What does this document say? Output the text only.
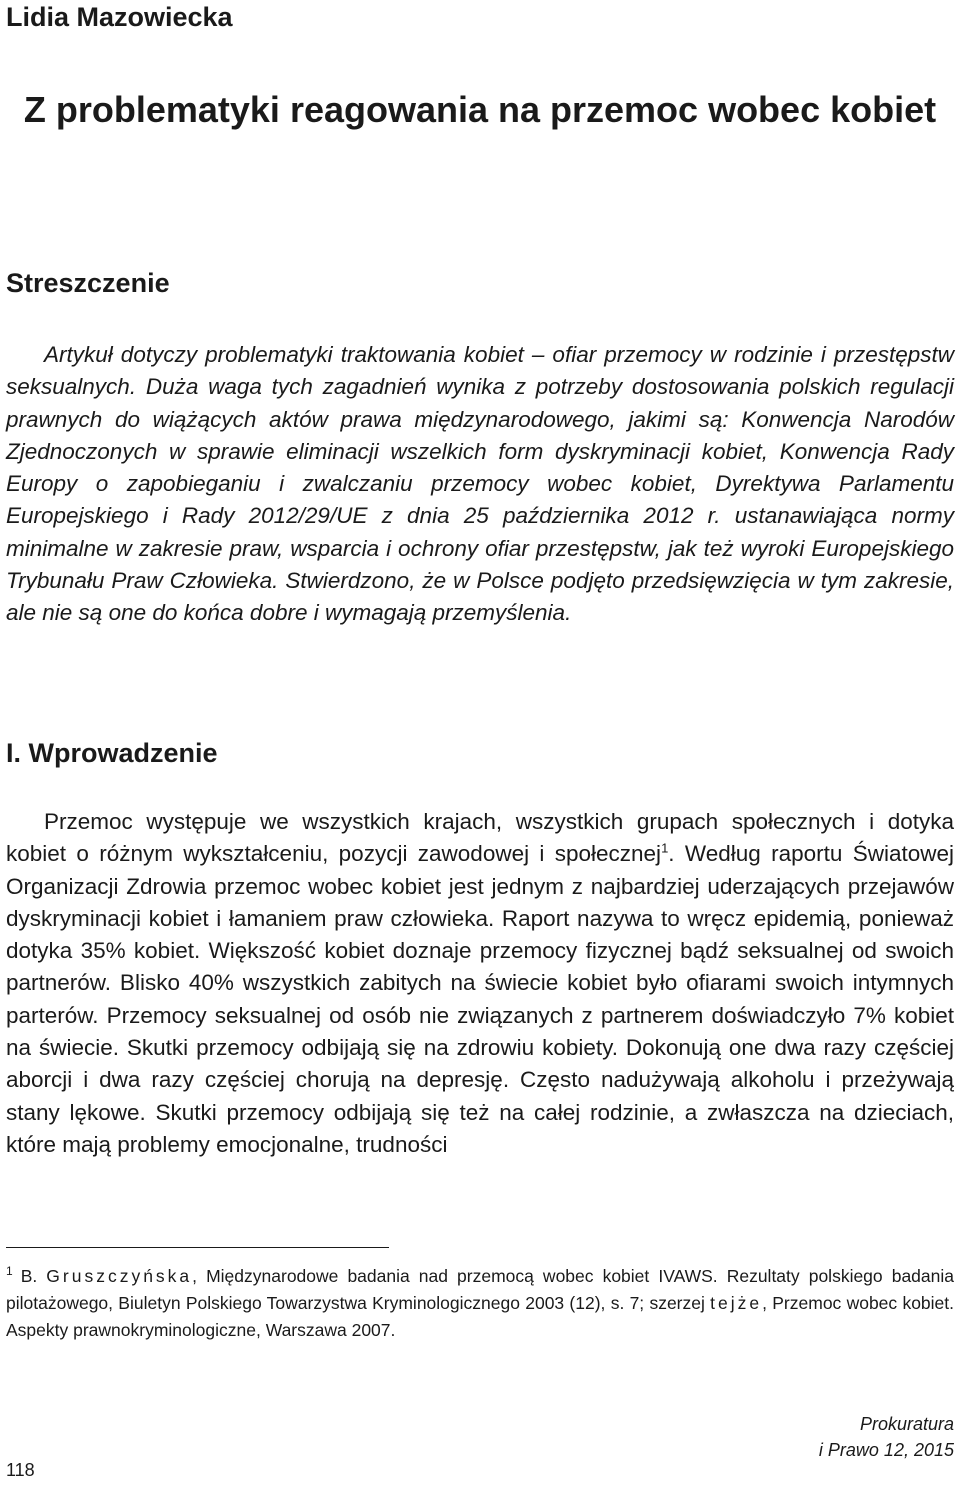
Lidia Mazowiecka
Z problematyki reagowania na przemoc wobec kobiet
Streszczenie

Artykuł dotyczy problematyki traktowania kobiet – ofiar przemocy w rodzinie i przestępstw seksualnych. Duża waga tych zagadnień wynika z potrzeby dostosowania polskich regulacji prawnych do wiążących aktów prawa międzynarodowego, jakimi są: Konwencja Narodów Zjednoczonych w sprawie eliminacji wszelkich form dyskryminacji kobiet, Konwencja Rady Europy o zapobieganiu i zwalczaniu przemocy wobec kobiet, Dyrektywa Parlamentu Europejskiego i Rady 2012/29/UE z dnia 25 października 2012 r. ustanawiająca normy minimalne w zakresie praw, wsparcia i ochrony ofiar przestępstw, jak też wyroki Europejskiego Trybunału Praw Człowieka. Stwierdzono, że w Polsce podjęto przedsięwzięcia w tym zakresie, ale nie są one do końca dobre i wymagają przemyślenia.

I. Wprowadzenie

Przemoc występuje we wszystkich krajach, wszystkich grupach społecznych i dotyka kobiet o różnym wykształceniu, pozycji zawodowej i społecznej$^1$. Według raportu Światowej Organizacji Zdrowia przemoc wobec kobiet jest jednym z najbardziej uderzających przejawów dyskryminacji kobiet i łamaniem praw człowieka. Raport nazywa to wręcz epidemią, ponieważ dotyka 35% kobiet. Większość kobiet doznaje przemocy fizycznej bądź seksualnej od swoich partnerów. Blisko 40% wszystkich zabitych na świecie kobiet było ofiarami swoich intymnych parterów. Przemocy seksualnej od osób nie związanych z partnerem doświadczyło 7% kobiet na świecie. Skutki przemocy odbijają się na zdrowiu kobiety. Dokonują one dwa razy częściej aborcji i dwa razy częściej chorują na depresję. Często nadużywają alkoholu i przeżywają stany lękowe. Skutki przemocy odbijają się też na całej rodzinie, a zwłaszcza na dzieciach, które mają problemy emocjonalne, trudności

$^1$ B. Gruszczyńska, Międzynarodowe badania nad przemocą wobec kobiet IVAWS. Rezultaty polskiego badania pilotażowego, Biuletyn Polskiego Towarzystwa Kryminologicznego 2003 (12), s. 7; szerzej tejże, Przemoc wobec kobiet. Aspekty prawnokryminologiczne, Warszawa 2007.

118

Prokuratura
i Prawo 12, 2015
